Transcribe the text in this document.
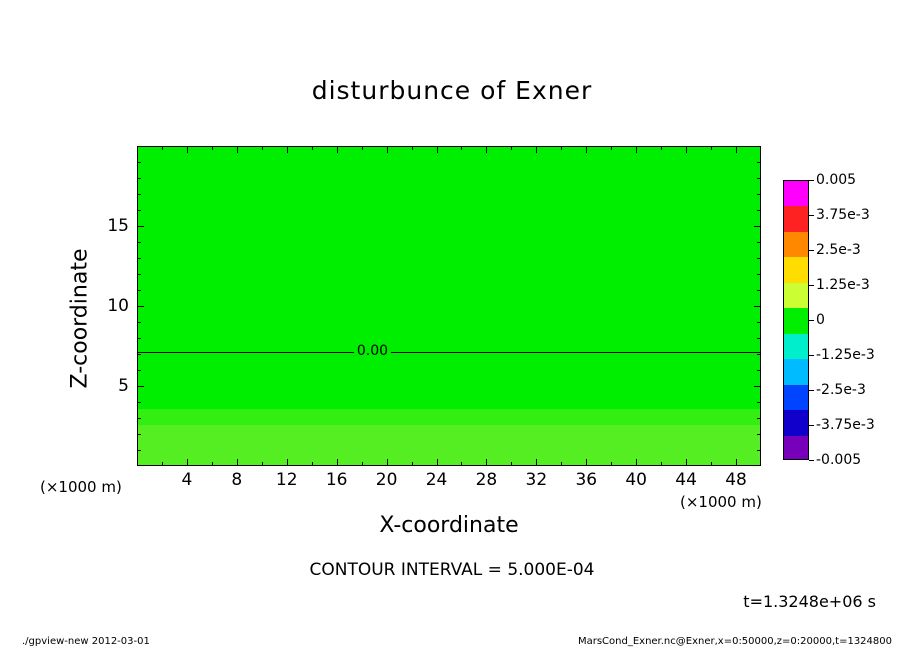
disturbunce of Exner
0.00
4 8 12 16 20 24 28 32 36 40 44 48
5
10
15
X-coordinate
Z-coordinate
(×1000 m)
(×1000 m)
0.005
3.75e-3
2.5e-3
1.25e-3
0
-1.25e-3
-2.5e-3
-3.75e-3
-0.005
CONTOUR INTERVAL = 5.000E-04
t=1.3248e+06 s
./gpview-new 2012-03-01	MarsCond_Exner.nc@Exner,x=0:50000,z=0:20000,t=1324800
